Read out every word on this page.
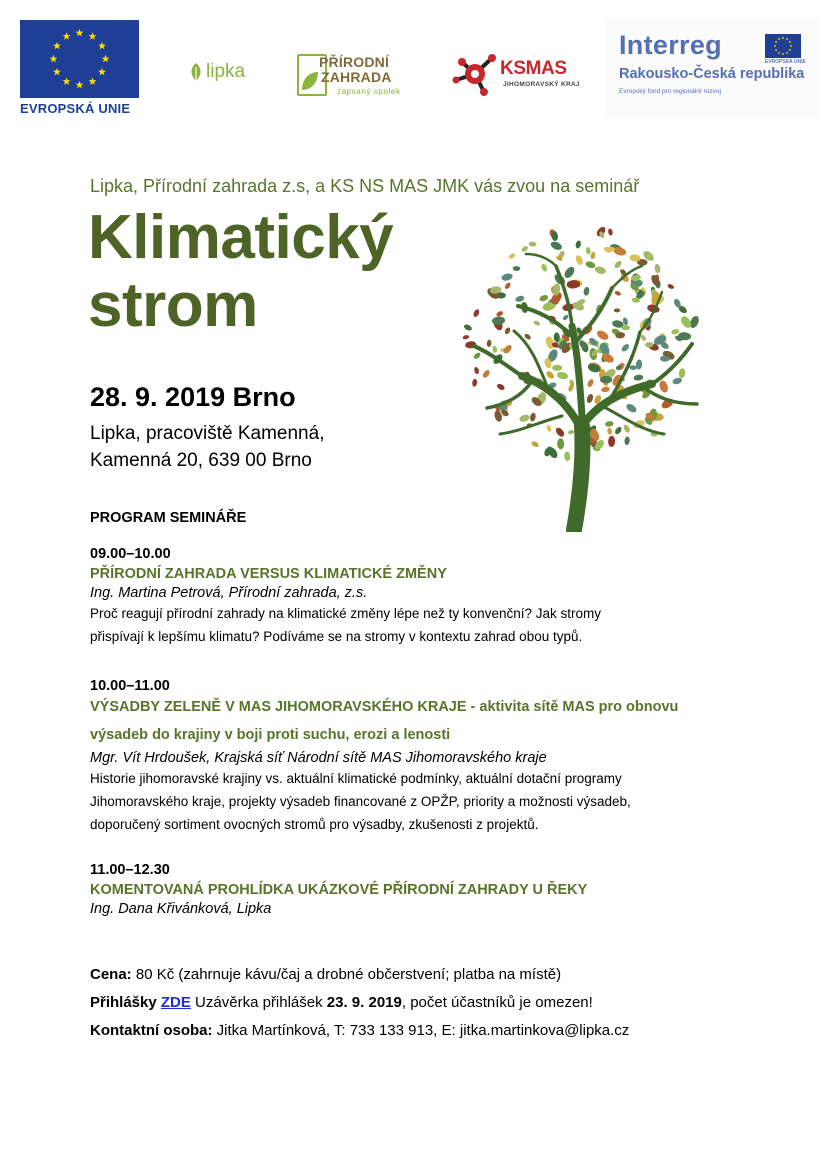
EVROPSKÁ UNIE
lipka	PŘÍRODNÍ
ZAHRADA
zapsaný spolek
KSMAS
JIHOMORAVSKÝ KRAJ
Interreg
EVROPSKÁ UNIE
Rakousko-Česká republika
Evropský fond pro regionální rozvoj
Lipka, Přírodní zahrada z.s, a KS NS MAS JMK vás zvou na seminář
Klimatický
strom
28. 9. 2019 Brno
Lipka, pracoviště Kamenná,
Kamenná 20, 639 00 Brno
PROGRAM SEMINÁŘE
09.00–10.00
PŘÍRODNÍ ZAHRADA VERSUS KLIMATICKÉ ZMĚNY
Ing. Martina Petrová, Přírodní zahrada, z.s.
Proč reagují přírodní zahrady na klimatické změny lépe než ty konvenční? Jak stromy
přispívají k lepšímu klimatu? Podíváme se na stromy v kontextu zahrad obou typů.
10.00–11.00
VÝSADBY ZELENĚ V MAS JIHOMORAVSKÉHO KRAJE - aktivita sítě MAS pro obnovu
výsadeb do krajiny v boji proti suchu, erozi a lenosti
Mgr. Vít Hrdoušek, Krajská síť Národní sítě MAS Jihomoravského kraje
Historie jihomoravské krajiny vs. aktuální klimatické podmínky, aktuální dotační programy
Jihomoravského kraje, projekty výsadeb financované z OPŽP, priority a možnosti výsadeb,
doporučený sortiment ovocných stromů pro výsadby, zkušenosti z projektů.
11.00–12.30
KOMENTOVANÁ PROHLÍDKA UKÁZKOVÉ PŘÍRODNÍ ZAHRADY U ŘEKY
Ing. Dana Křivánková, Lipka
Cena: 80 Kč (zahrnuje kávu/čaj a drobné občerstvení; platba na místě)
Přihlášky ZDE Uzávěrka přihlášek 23. 9. 2019, počet účastníků je omezen!
Kontaktní osoba: Jitka Martínková, T: 733 133 913, E: jitka.martinkova@lipka.cz
